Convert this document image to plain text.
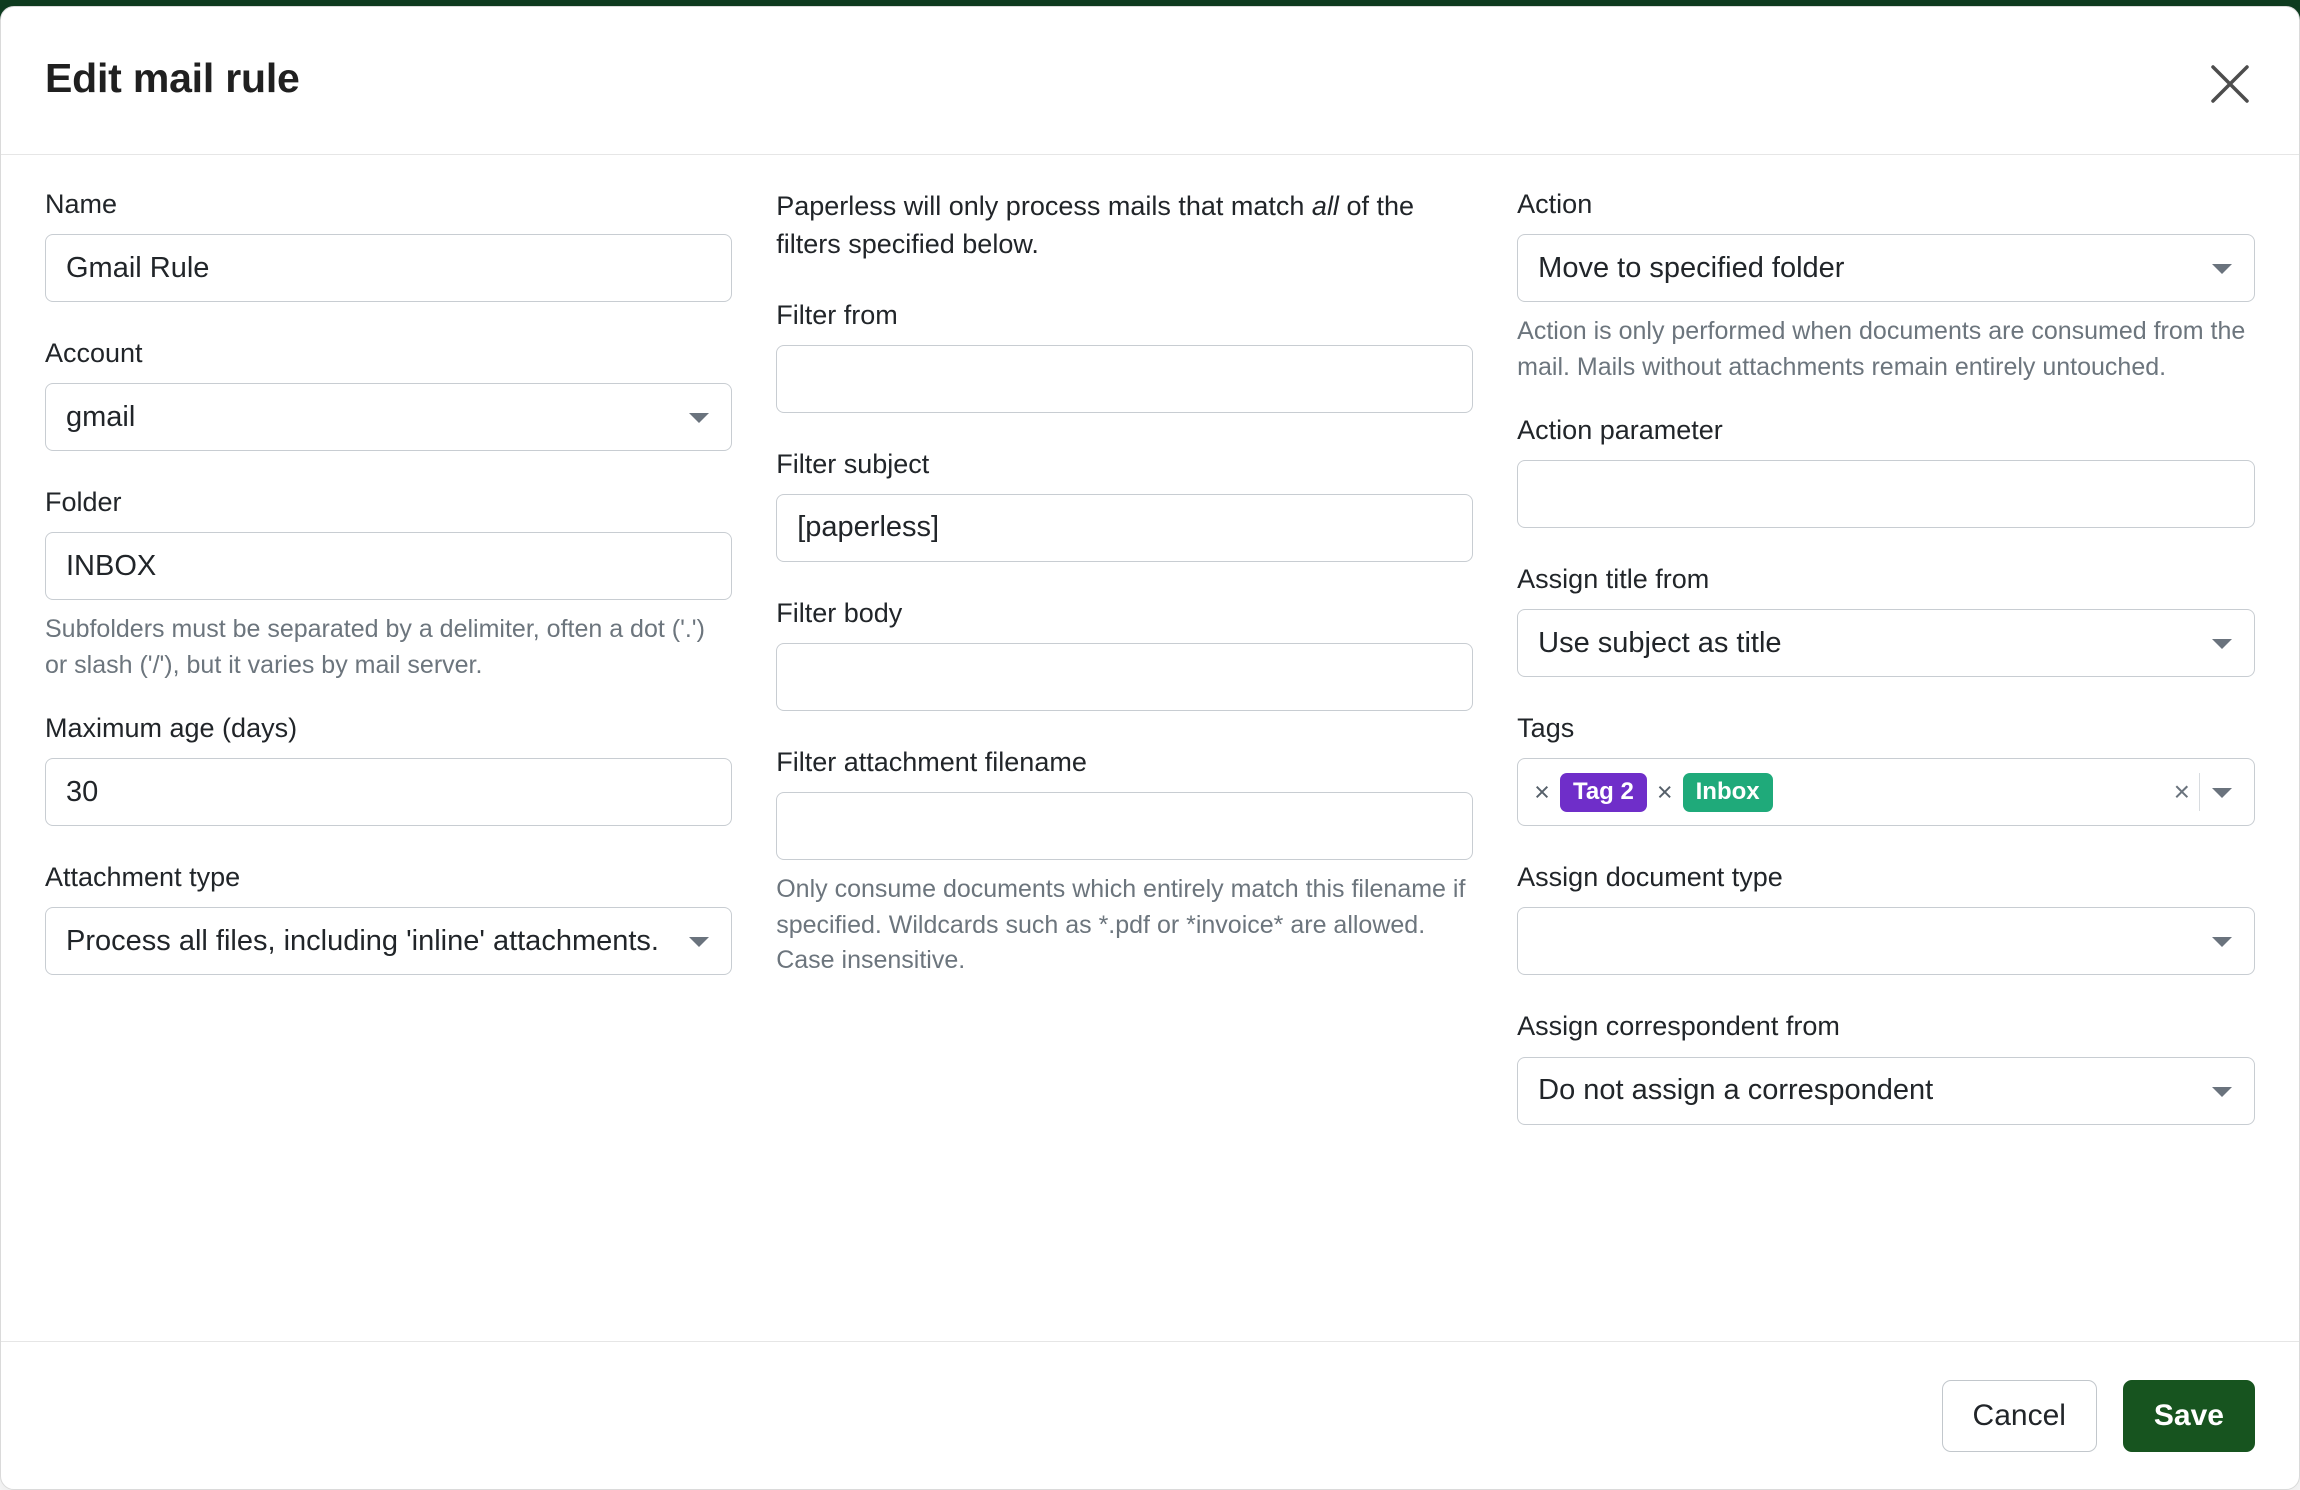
Edit mail rule
Name
Gmail Rule
Account
gmail
Folder
INBOX
Subfolders must be separated by a delimiter, often a dot ('.') or slash ('/'), but it varies by mail server.
Maximum age (days)
30
Attachment type
Process all files, including 'inline' attachments.
Paperless will only process mails that match all of the filters specified below.
Filter from
Filter subject
[paperless]
Filter body
Filter attachment filename
Only consume documents which entirely match this filename if specified. Wildcards such as *.pdf or *invoice* are allowed. Case insensitive.
Action
Move to specified folder
Action is only performed when documents are consumed from the mail. Mails without attachments remain entirely untouched.
Action parameter
Assign title from
Use subject as title
Tags
× Tag 2 × Inbox	×
Assign document type
Assign correspondent from
Do not assign a correspondent
Cancel	Save
